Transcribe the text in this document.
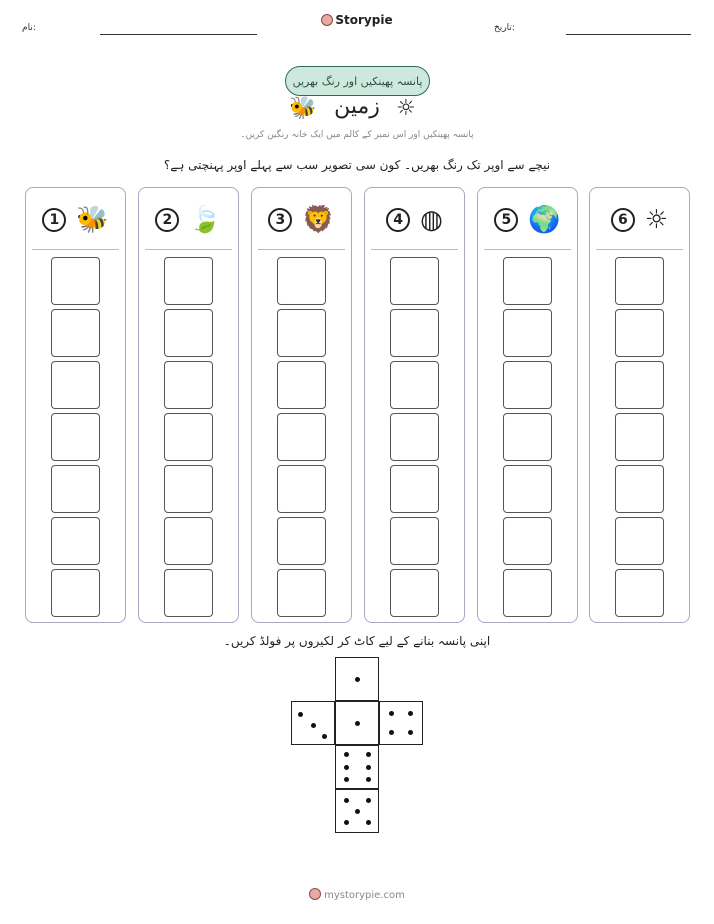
نام:
Storypie
تاریخ:
پانسہ پھینکیں اور رنگ بھریں
🐝 زمین ☼
پانسہ پھینکیں اور اس نمبر کے کالم میں ایک خانہ رنگین کریں۔
نیچے سے اوپر تک رنگ بھریں۔ کون سی تصویر سب سے پہلے اوپر پہنچتی ہے؟
1 🐝	2 🍃	3 🦁	4 ◍	5 🌍	6 ☼
اپنی پانسہ بنانے کے لیے کاٹ کر لکیروں پر فولڈ کریں۔
mystorypie.com
